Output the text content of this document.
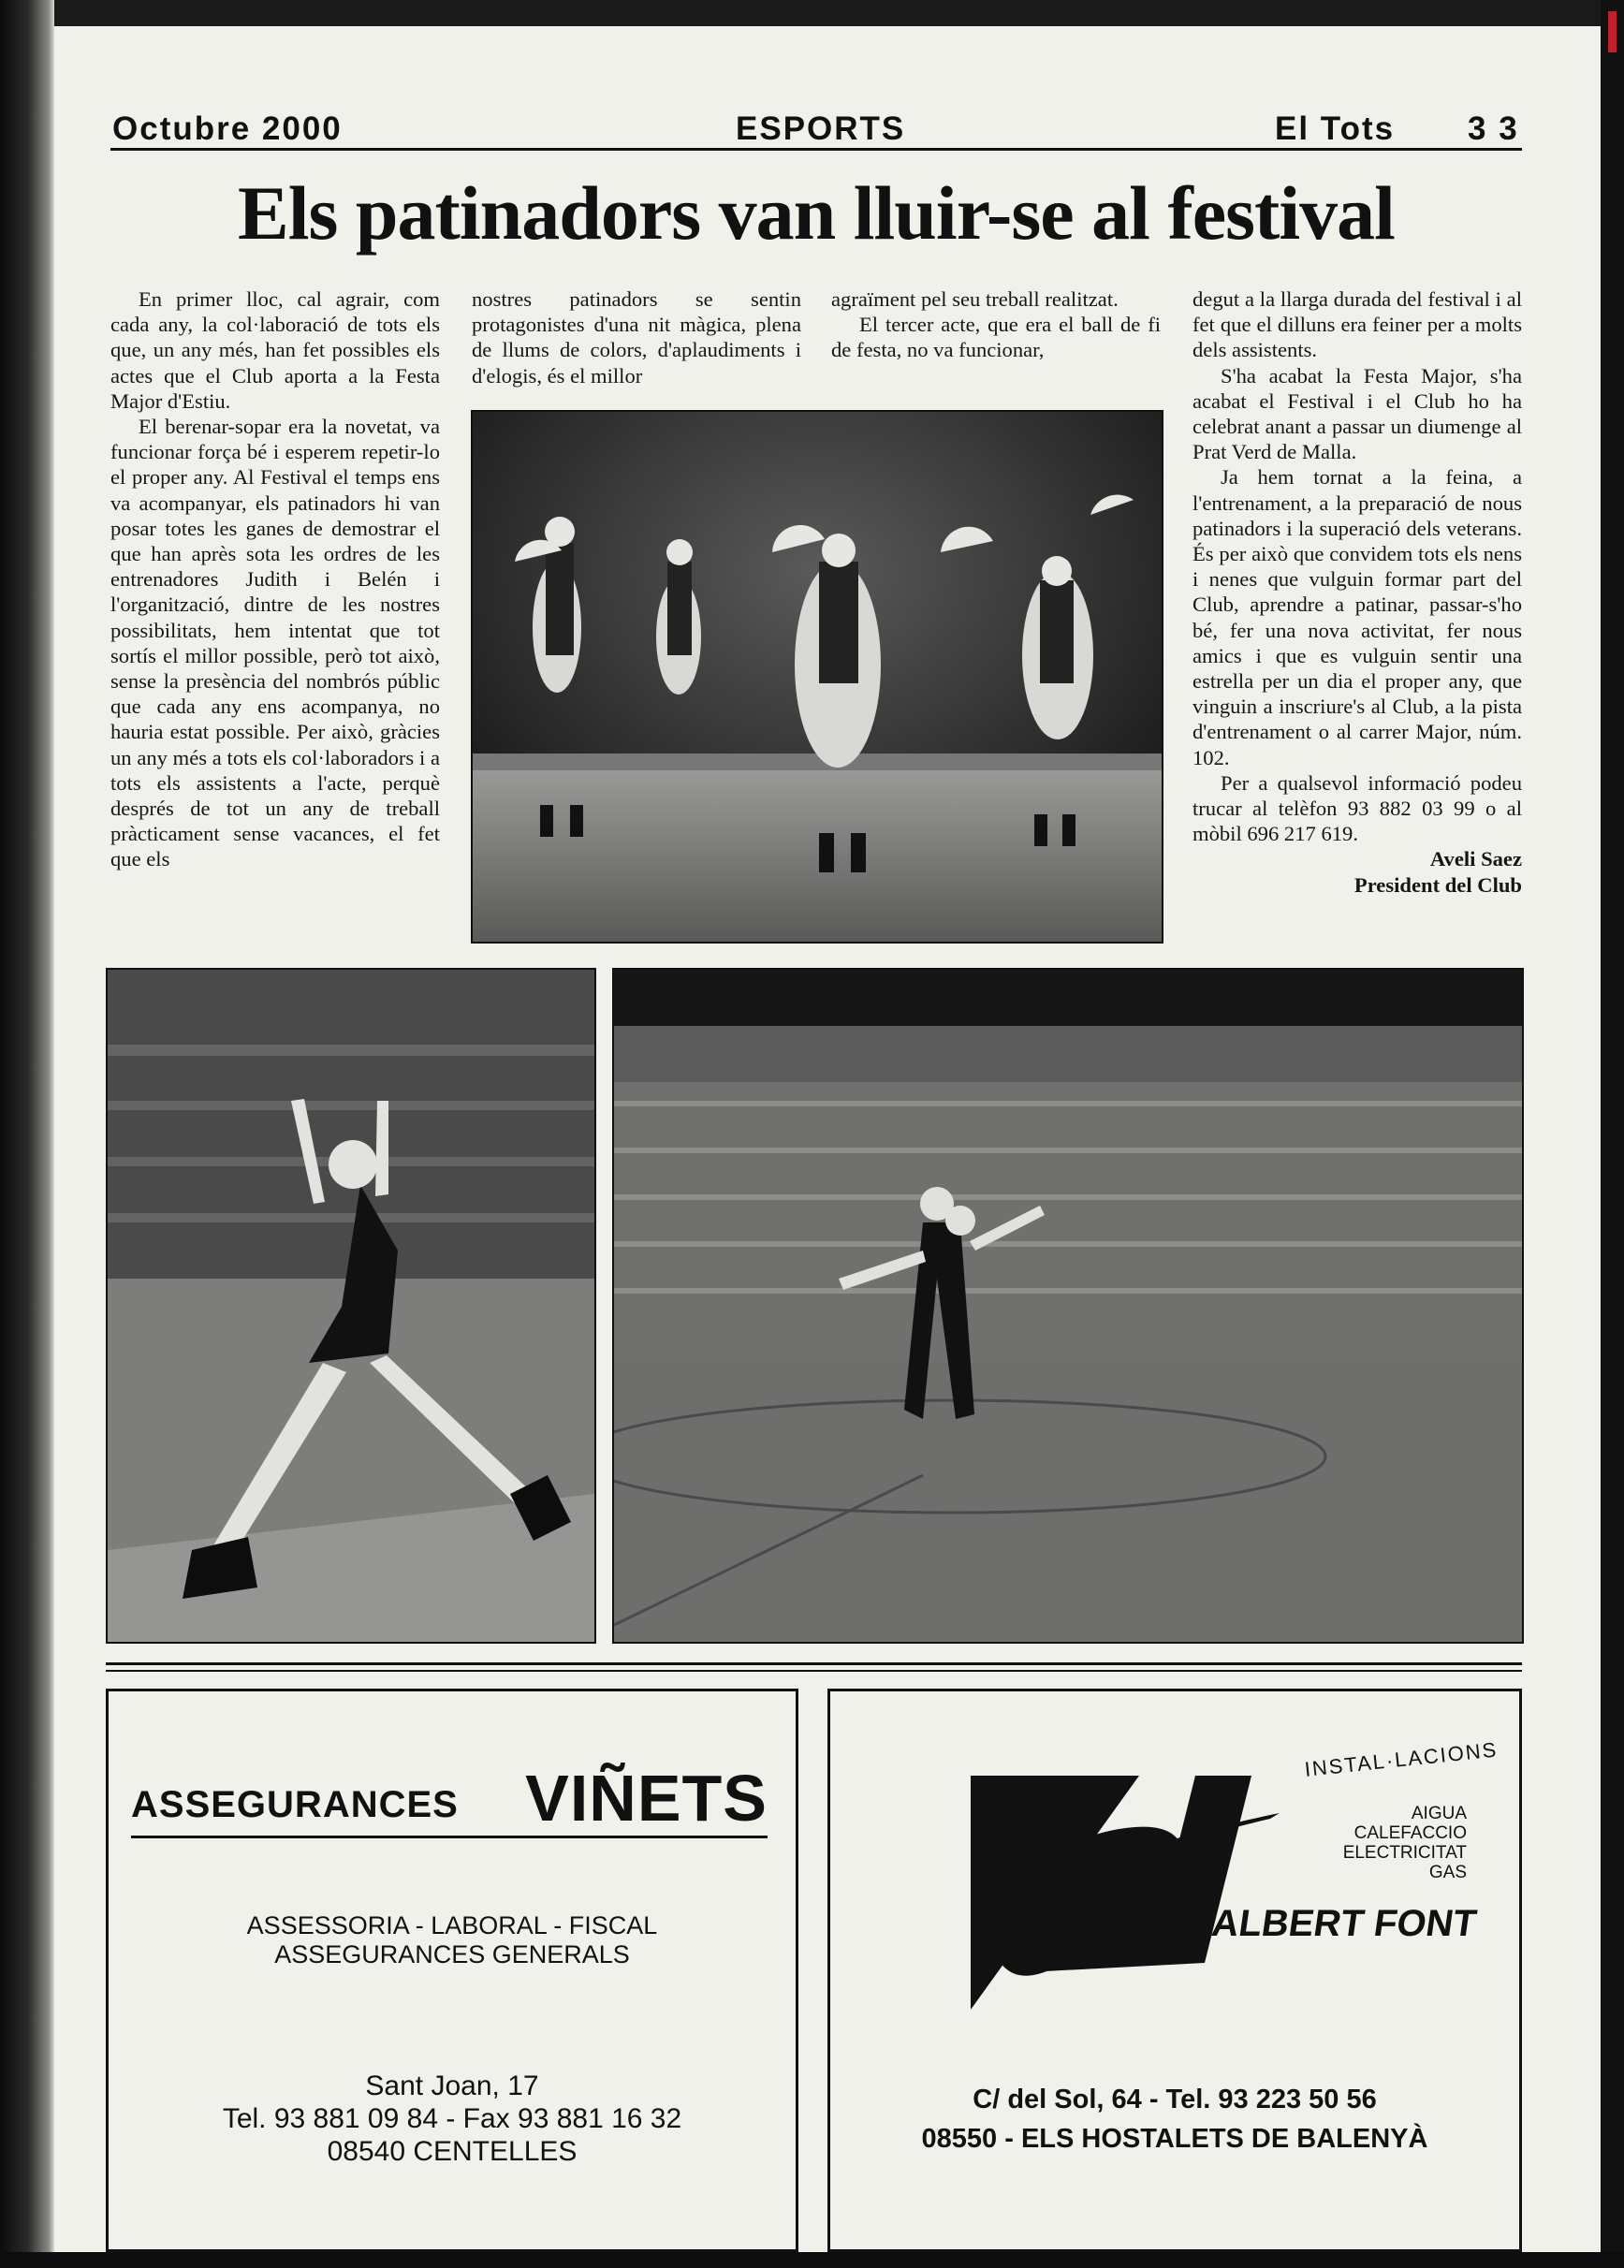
Octubre 2000	ESPORTS	El Tots 3 3
Els patinadors van lluir-se al festival

En primer lloc, cal agrair, com cada any, la col·laboració de tots els que, un any més, han fet possibles els actes que el Club aporta a la Festa Major d'Estiu.

El berenar-sopar era la novetat, va funcionar força bé i esperem repetir-lo el proper any. Al Festival el temps ens va acompanyar, els patinadors hi van posar totes les ganes de demostrar el que han après sota les ordres de les entrenadores Judith i Belén i l'organització, dintre de les nostres possibilitats, hem intentat que tot sortís el millor possible, però tot això, sense la presència del nombrós públic que cada any ens acompanya, no hauria estat possible. Per això, gràcies un any més a tots els col·laboradors i a tots els assistents a l'acte, perquè després de tot un any de treball pràcticament sense vacances, el fet que els

nostres patinadors se sentin protagonistes d'una nit màgica, plena de llums de colors, d'aplaudiments i d'elogis, és el millor

agraïment pel seu treball realitzat.

El tercer acte, que era el ball de fi de festa, no va funcionar,

degut a la llarga durada del festival i al fet que el dilluns era feiner per a molts dels assistents.

S'ha acabat la Festa Major, s'ha acabat el Festival i el Club ho ha celebrat anant a passar un diumenge al Prat Verd de Malla.

Ja hem tornat a la feina, a l'entrenament, a la preparació de nous patinadors i la superació dels veterans. És per això que convidem tots els nens i nenes que vulguin formar part del Club, aprendre a patinar, passar-s'ho bé, fer una nova activitat, fer nous amics i que es vulguin sentir una estrella per un dia el proper any, que vinguin a inscriure's al Club, a la pista d'entrenament o al carrer Major, núm. 102.

Per a qualsevol informació podeu trucar al telèfon 93 882 03 99 o al mòbil 696 217 619.

Aveli Saez

President del Club

ASSEGURANCES VIÑETS
ASSESSORIA - LABORAL - FISCAL
ASSEGURANCES GENERALS
Sant Joan, 17
Tel. 93 881 09 84 - Fax 93 881 16 32
08540 CENTELLES
INSTAL·LACIONS
AIGUA
CALEFACCIO
ELECTRICITAT
GAS
ALBERT FONT
C/ del Sol, 64 - Tel. 93 223 50 56
08550 - ELS HOSTALETS DE BALENYÀ
